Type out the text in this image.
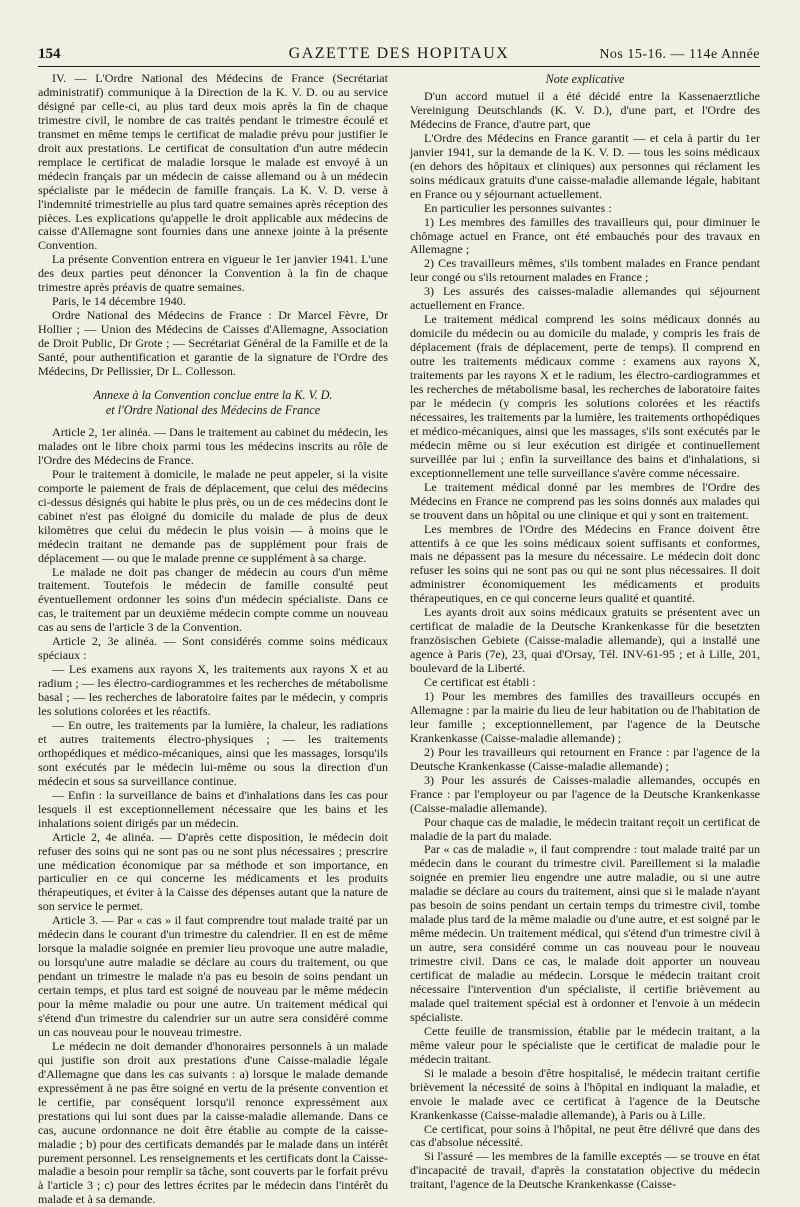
154	GAZETTE DES HOPITAUX	Nos 15-16. — 114e Année

IV. — L'Ordre National des Médecins de France (Secrétariat administratif) communique à la Direction de la K. V. D. ou au service désigné par celle-ci, au plus tard deux mois après la fin de chaque trimestre civil, le nombre de cas traités pendant le trimestre écoulé et transmet en même temps le certificat de maladie prévu pour justifier le droit aux prestations. Le certificat de consultation d'un autre médecin remplace le certificat de maladie lorsque le malade est envoyé à un médecin français par un médecin de caisse allemand ou à un médecin spécialiste par le médecin de famille français. La K. V. D. verse à l'indemnité trimestrielle au plus tard quatre semaines après réception des pièces. Les explications qu'appelle le droit applicable aux médecins de caisse d'Allemagne sont fournies dans une annexe jointe à la présente Convention.

La présente Convention entrera en vigueur le 1er janvier 1941. L'une des deux parties peut dénoncer la Convention à la fin de chaque trimestre après préavis de quatre semaines.

Paris, le 14 décembre 1940.

Ordre National des Médecins de France : Dr Marcel Fèvre, Dr Hollier ; — Union des Médecins de Caisses d'Allemagne, Association de Droit Public, Dr Grote ; — Secrétariat Général de la Famille et de la Santé, pour authentification et garantie de la signature de l'Ordre des Médecins, Dr Pellissier, Dr L. Collesson.

Annexe à la Convention conclue entre la K. V. D.
et l'Ordre National des Médecins de France

Article 2, 1er alinéa. — Dans le traitement au cabinet du médecin, les malades ont le libre choix parmi tous les médecins inscrits au rôle de l'Ordre des Médecins de France.

Pour le traitement à domicile, le malade ne peut appeler, si la visite comporte le paiement de frais de déplacement, que celui des médecins ci-dessus désignés qui habite le plus près, ou un de ces médecins dont le cabinet n'est pas éloigné du domicile du malade de plus de deux kilomètres que celui du médecin le plus voisin — à moins que le médecin traitant ne demande pas de supplément pour frais de déplacement — ou que le malade prenne ce supplément à sa charge.

Le malade ne doit pas changer de médecin au cours d'un même traitement. Toutefois le médecin de famille consulté peut éventuellement ordonner les soins d'un médecin spécialiste. Dans ce cas, le traitement par un deuxième médecin compte comme un nouveau cas au sens de l'article 3 de la Convention.

Article 2, 3e alinéa. — Sont considérés comme soins médicaux spéciaux :

— Les examens aux rayons X, les traitements aux rayons X et au radium ; — les électro-cardiogrammes et les recherches de métabolisme basal ; — les recherches de laboratoire faites par le médecin, y compris les solutions colorées et les réactifs.

— En outre, les traitements par la lumière, la chaleur, les radiations et autres traitements électro-physiques ; — les traitements orthopédiques et médico-mécaniques, ainsi que les massages, lorsqu'ils sont exécutés par le médecin lui-même ou sous la direction d'un médecin et sous sa surveillance continue.

— Enfin : la surveillance de bains et d'inhalations dans les cas pour lesquels il est exceptionnellement nécessaire que les bains et les inhalations soient dirigés par un médecin.

Article 2, 4e alinéa. — D'après cette disposition, le médecin doit refuser des soins qui ne sont pas ou ne sont plus nécessaires ; prescrire une médication économique par sa méthode et son importance, en particulier en ce qui concerne les médicaments et les produits thérapeutiques, et éviter à la Caisse des dépenses autant que la nature de son service le permet.

Article 3. — Par « cas » il faut comprendre tout malade traité par un médecin dans le courant d'un trimestre du calendrier. Il en est de même lorsque la maladie soignée en premier lieu provoque une autre maladie, ou lorsqu'une autre maladie se déclare au cours du traitement, ou que pendant un trimestre le malade n'a pas eu besoin de soins pendant un certain temps, et plus tard est soigné de nouveau par le même médecin pour la même maladie ou pour une autre. Un traitement médical qui s'étend d'un trimestre du calendrier sur un autre sera considéré comme un cas nouveau pour le nouveau trimestre.

Le médecin ne doit demander d'honoraires personnels à un malade qui justifie son droit aux prestations d'une Caisse-maladie légale d'Allemagne que dans les cas suivants : a) lorsque le malade demande expressément à ne pas être soigné en vertu de la présente convention et le certifie, par conséquent lorsqu'il renonce expressément aux prestations qui lui sont dues par la caisse-maladie allemande. Dans ce cas, aucune ordonnance ne doit être établie au compte de la caisse-maladie ; b) pour des certificats demandés par le malade dans un intérêt purement personnel. Les renseignements et les certificats dont la Caisse-maladie a besoin pour remplir sa tâche, sont couverts par le forfait prévu à l'article 3 ; c) pour des lettres écrites par le médecin dans l'intérêt du malade et à sa demande.

Note explicative

D'un accord mutuel il a été décidé entre la Kassenaerztliche Vereinigung Deutschlands (K. V. D.), d'une part, et l'Ordre des Médecins de France, d'autre part, que

L'Ordre des Médecins en France garantit — et cela à partir du 1er janvier 1941, sur la demande de la K. V. D. — tous les soins médicaux (en dehors des hôpitaux et cliniques) aux personnes qui réclament les soins médicaux gratuits d'une caisse-maladie allemande légale, habitant en France ou y séjournant actuellement.

En particulier les personnes suivantes :

1) Les membres des familles des travailleurs qui, pour diminuer le chômage actuel en France, ont été embauchés pour des travaux en Allemagne ;

2) Ces travailleurs mêmes, s'ils tombent malades en France pendant leur congé ou s'ils retournent malades en France ;

3) Les assurés des caisses-maladie allemandes qui séjournent actuellement en France.

Le traitement médical comprend les soins médicaux donnés au domicile du médecin ou au domicile du malade, y compris les frais de déplacement (frais de déplacement, perte de temps). Il comprend en outre les traitements médicaux comme : examens aux rayons X, traitements par les rayons X et le radium, les électro-cardiogrammes et les recherches de métabolisme basal, les recherches de laboratoire faites par le médecin (y compris les solutions colorées et les réactifs nécessaires, les traitements par la lumière, les traitements orthopédiques et médico-mécaniques, ainsi que les massages, s'ils sont exécutés par le médecin même ou si leur exécution est dirigée et continuellement surveillée par lui ; enfin la surveillance des bains et d'inhalations, si exceptionnellement une telle surveillance s'avère comme nécessaire.

Le traitement médical donné par les membres de l'Ordre des Médecins en France ne comprend pas les soins donnés aux malades qui se trouvent dans un hôpital ou une clinique et qui y sont en traitement.

Les membres de l'Ordre des Médecins en France doivent être attentifs à ce que les soins médicaux soient suffisants et conformes, mais ne dépassent pas la mesure du nécessaire. Le médecin doit donc refuser les soins qui ne sont pas ou qui ne sont plus nécessaires. Il doit administrer économiquement les médicaments et produits thérapeutiques, en ce qui concerne leurs qualité et quantité.

Les ayants droit aux soins médicaux gratuits se présentent avec un certificat de maladie de la Deutsche Krankenkasse für die besetzten französischen Gebiete (Caisse-maladie allemande), qui a installé une agence à Paris (7e), 23, quai d'Orsay, Tél. INV-61-95 ; et à Lille, 201, boulevard de la Liberté.

Ce certificat est établi :

1) Pour les membres des familles des travailleurs occupés en Allemagne : par la mairie du lieu de leur habitation ou de l'habitation de leur famille ; exceptionnellement, par l'agence de la Deutsche Krankenkasse (Caisse-maladie allemande) ;

2) Pour les travailleurs qui retournent en France : par l'agence de la Deutsche Krankenkasse (Caisse-maladie allemande) ;

3) Pour les assurés de Caisses-maladie allemandes, occupés en France : par l'employeur ou par l'agence de la Deutsche Krankenkasse (Caisse-maladie allemande).

Pour chaque cas de maladie, le médecin traitant reçoit un certificat de maladie de la part du malade.

Par « cas de maladie », il faut comprendre : tout malade traité par un médecin dans le courant du trimestre civil. Pareillement si la maladie soignée en premier lieu engendre une autre maladie, ou si une autre maladie se déclare au cours du traitement, ainsi que si le malade n'ayant pas besoin de soins pendant un certain temps du trimestre civil, tombe malade plus tard de la même maladie ou d'une autre, et est soigné par le même médecin. Un traitement médical, qui s'étend d'un trimestre civil à un autre, sera considéré comme un cas nouveau pour le nouveau trimestre civil. Dans ce cas, le malade doit apporter un nouveau certificat de maladie au médecin. Lorsque le médecin traitant croit nécessaire l'intervention d'un spécialiste, il certifie brièvement au malade quel traitement spécial est à ordonner et l'envoie à un médecin spécialiste.

Cette feuille de transmission, établie par le médecin traitant, a la même valeur pour le spécialiste que le certificat de maladie pour le médecin traitant.

Si le malade a besoin d'être hospitalisé, le médecin traitant certifie brièvement la nécessité de soins à l'hôpital en indiquant la maladie, et envoie le malade avec ce certificat à l'agence de la Deutsche Krankenkasse (Caisse-maladie allemande), à Paris ou à Lille.

Ce certificat, pour soins à l'hôpital, ne peut être délivré que dans des cas d'absolue nécessité.

Si l'assuré — les membres de la famille exceptés — se trouve en état d'incapacité de travail, d'après la constatation objective du médecin traitant, l'agence de la Deutsche Krankenkasse (Caisse-
